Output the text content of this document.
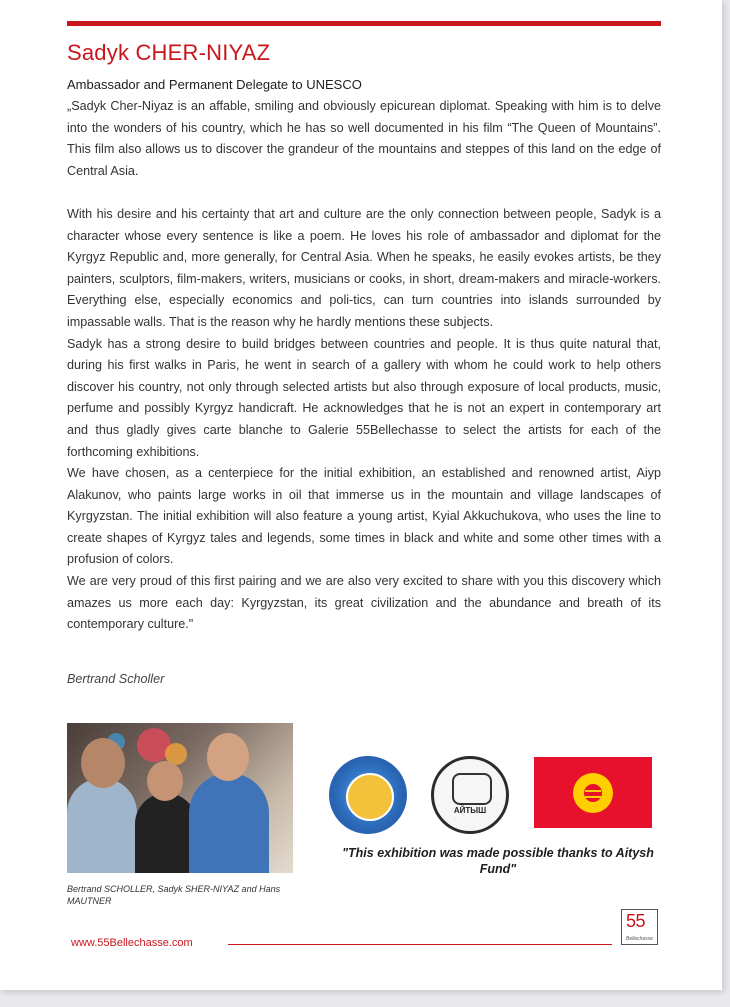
Sadyk CHER-NIYAZ
Ambassador and Permanent Delegate to UNESCO

„Sadyk Cher-Niyaz is an affable, smiling and obviously epicurean diplomat. Speaking with him is to delve into the wonders of his country, which he has so well documented in his film “The Queen of Mountains”. This film also allows us to discover the grandeur of the mountains and steppes of this land on the edge of Central Asia.

With his desire and his certainty that art and culture are the only connection between people, Sadyk is a character whose every sentence is like a poem. He loves his role of ambassador and diplomat for the Kyrgyz Republic and, more generally, for Central Asia. When he speaks, he easily evokes artists, be they painters, sculptors, film-makers, writers, musicians or cooks, in short, dream-makers and miracle-workers. Everything else, especially economics and poli-tics, can turn countries into islands surrounded by impassable walls. That is the reason why he hardly mentions these subjects.

Sadyk has a strong desire to build bridges between countries and people. It is thus quite natural that, during his first walks in Paris, he went in search of a gallery with whom he could work to help others discover his country, not only through selected artists but also through exposure of local products, music, perfume and possibly Kyrgyz handicraft. He acknowledges that he is not an expert in contemporary art and thus gladly gives carte blanche to Galerie 55Bellechasse to select the artists for each of the forthcoming exhibitions.

We have chosen, as a centerpiece for the initial exhibition, an established and renowned artist, Aiyp Alakunov, who paints large works in oil that immerse us in the mountain and village landscapes of Kyrgyzstan. The initial exhibition will also feature a young artist, Kyial Akkuchukova, who uses the line to create shapes of Kyrgyz tales and legends, some times in black and white and some other times with a profusion of colors.

We are very proud of this first pairing and we are also very excited to share with you this discovery which amazes us more each day: Kyrgyzstan, its great civilization and the abundance and breath of its contemporary culture."

Bertrand Scholler
Bertrand SCHOLLER, Sadyk SHER-NIYAZ and Hans MAUTNER
АЙТЫШ
"This exhibition was made possible thanks to Aitysh Fund"
www.55Bellechasse.com
55
Bellechasse
